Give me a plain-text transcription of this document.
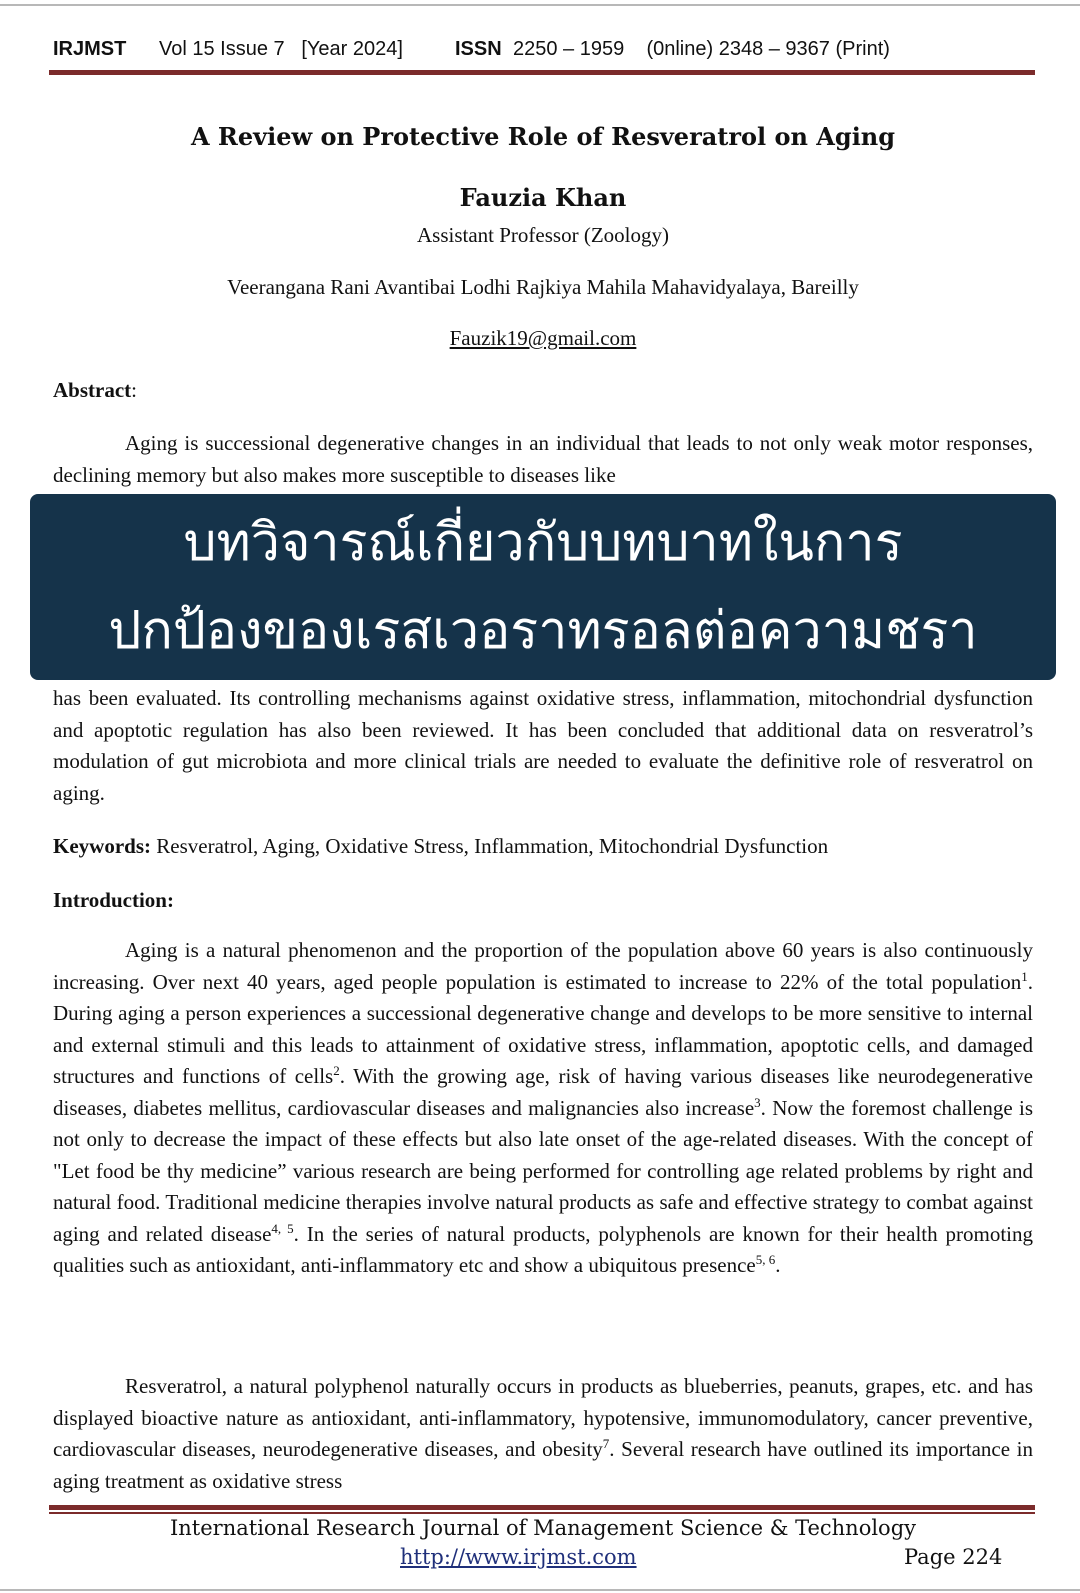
IRJMST Vol 15 Issue 7   [Year 2024]	ISSN 2250 – 1959    (0nline) 2348 – 9367 (Print)
A Review on Protective Role of Resveratrol on Aging
Fauzia Khan
Assistant Professor (Zoology)
Veerangana Rani Avantibai Lodhi Rajkiya Mahila Mahavidyalaya, Bareilly
Fauzik19@gmail.com
Abstract:
Aging is successional degenerative changes in an individual that leads to not only weak motor responses, declining memory but also makes more susceptible to diseases like
บทวิจารณ์เกี่ยวกับบทบาทในการ
ปกป้องของเรสเวอราทรอลต่อความชรา
has been evaluated. Its controlling mechanisms against oxidative stress, inflammation, mitochondrial dysfunction and apoptotic regulation has also been reviewed. It has been concluded that additional data on resveratrol’s modulation of gut microbiota and more clinical trials are needed to evaluate the definitive role of resveratrol on aging.
Keywords: Resveratrol, Aging, Oxidative Stress, Inflammation, Mitochondrial Dysfunction
Introduction:
Aging is a natural phenomenon and the proportion of the population above 60 years is also continuously increasing. Over next 40 years, aged people population is estimated to increase to 22% of the total population$^1$. During aging a person experiences a successional degenerative change and develops to be more sensitive to internal and external stimuli and this leads to attainment of oxidative stress, inflammation, apoptotic cells, and damaged structures and functions of cells$^2$. With the growing age, risk of having various diseases like neurodegenerative diseases, diabetes mellitus, cardiovascular diseases and malignancies also increase$^3$. Now the foremost challenge is not only to decrease the impact of these effects but also late onset of the age-related diseases. With the concept of "Let food be thy medicine” various research are being performed for controlling age related problems by right and natural food. Traditional medicine therapies involve natural products as safe and effective strategy to combat against aging and related disease$^{4, 5}$. In the series of natural products, polyphenols are known for their health promoting qualities such as antioxidant, anti-inflammatory etc and show a ubiquitous presence$^{5, 6}$.
Resveratrol, a natural polyphenol naturally occurs in products as blueberries, peanuts, grapes, etc. and has displayed bioactive nature as antioxidant, anti-inflammatory, hypotensive, immunomodulatory, cancer preventive, cardiovascular diseases, neurodegenerative diseases, and obesity$^7$. Several research have outlined its importance in aging treatment as oxidative stress
International Research Journal of Management Science & Technology
http://www.irjmst.com	Page 224
